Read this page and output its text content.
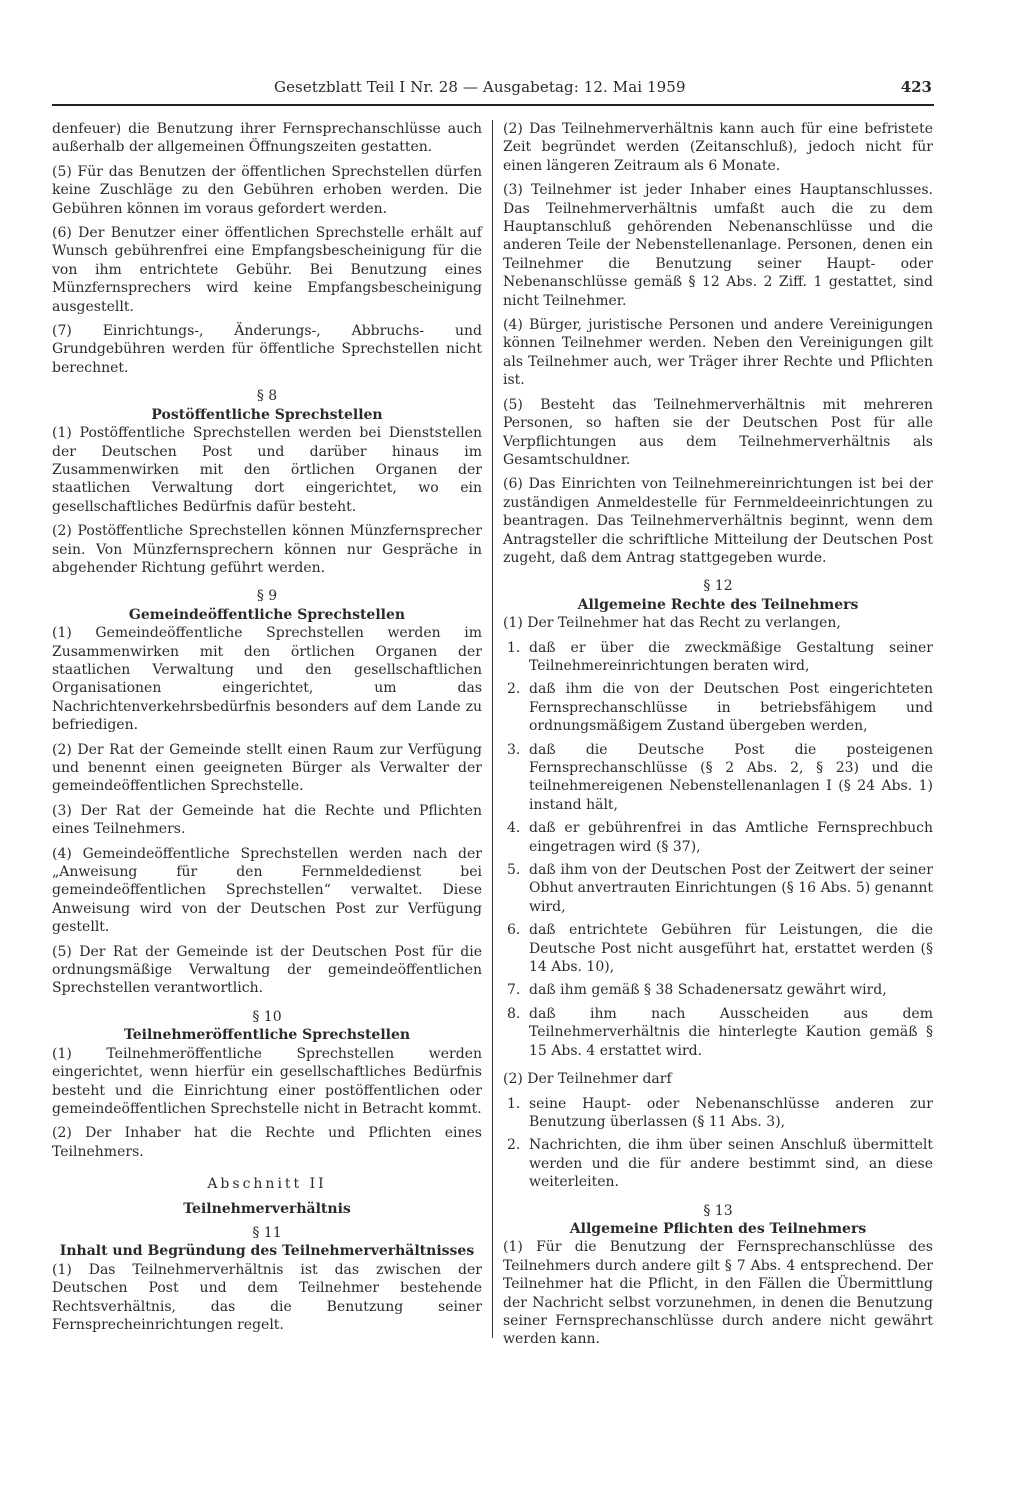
Gesetzblatt Teil I Nr. 28 — Ausgabetag: 12. Mai 1959	423

denfeuer) die Benutzung ihrer Fernsprechanschlüsse auch außerhalb der allgemeinen Öffnungszeiten gestatten.

(5) Für das Benutzen der öffentlichen Sprechstellen dürfen keine Zuschläge zu den Gebühren erhoben werden. Die Gebühren können im voraus gefordert werden.

(6) Der Benutzer einer öffentlichen Sprechstelle erhält auf Wunsch gebührenfrei eine Empfangsbescheinigung für die von ihm entrichtete Gebühr. Bei Benutzung eines Münzfernsprechers wird keine Empfangsbescheinigung ausgestellt.

(7) Einrichtungs-, Änderungs-, Abbruchs- und Grundgebühren werden für öffentliche Sprechstellen nicht berechnet.

§ 8
Postöffentliche Sprechstellen

(1) Postöffentliche Sprechstellen werden bei Dienststellen der Deutschen Post und darüber hinaus im Zusammenwirken mit den örtlichen Organen der staatlichen Verwaltung dort eingerichtet, wo ein gesellschaftliches Bedürfnis dafür besteht.

(2) Postöffentliche Sprechstellen können Münzfernsprecher sein. Von Münzfernsprechern können nur Gespräche in abgehender Richtung geführt werden.

§ 9
Gemeindeöffentliche Sprechstellen

(1) Gemeindeöffentliche Sprechstellen werden im Zusammenwirken mit den örtlichen Organen der staatlichen Verwaltung und den gesellschaftlichen Organisationen eingerichtet, um das Nachrichtenverkehrsbedürfnis besonders auf dem Lande zu befriedigen.

(2) Der Rat der Gemeinde stellt einen Raum zur Verfügung und benennt einen geeigneten Bürger als Verwalter der gemeindeöffentlichen Sprechstelle.

(3) Der Rat der Gemeinde hat die Rechte und Pflichten eines Teilnehmers.

(4) Gemeindeöffentliche Sprechstellen werden nach der „Anweisung für den Fernmeldedienst bei gemeindeöffentlichen Sprechstellen“ verwaltet. Diese Anweisung wird von der Deutschen Post zur Verfügung gestellt.

(5) Der Rat der Gemeinde ist der Deutschen Post für die ordnungsmäßige Verwaltung der gemeindeöffentlichen Sprechstellen verantwortlich.

§ 10
Teilnehmeröffentliche Sprechstellen

(1) Teilnehmeröffentliche Sprechstellen werden eingerichtet, wenn hierfür ein gesellschaftliches Bedürfnis besteht und die Einrichtung einer postöffentlichen oder gemeindeöffentlichen Sprechstelle nicht in Betracht kommt.

(2) Der Inhaber hat die Rechte und Pflichten eines Teilnehmers.

Abschnitt II
Teilnehmerverhältnis
§ 11
Inhalt und Begründung des Teilnehmerverhältnisses

(1) Das Teilnehmerverhältnis ist das zwischen der Deutschen Post und dem Teilnehmer bestehende Rechtsverhältnis, das die Benutzung seiner Fernsprecheinrichtungen regelt.

(2) Das Teilnehmerverhältnis kann auch für eine befristete Zeit begründet werden (Zeitanschluß), jedoch nicht für einen längeren Zeitraum als 6 Monate.

(3) Teilnehmer ist jeder Inhaber eines Hauptanschlusses. Das Teilnehmerverhältnis umfaßt auch die zu dem Hauptanschluß gehörenden Nebenanschlüsse und die anderen Teile der Nebenstellenanlage. Personen, denen ein Teilnehmer die Benutzung seiner Haupt- oder Nebenanschlüsse gemäß § 12 Abs. 2 Ziff. 1 gestattet, sind nicht Teilnehmer.

(4) Bürger, juristische Personen und andere Vereinigungen können Teilnehmer werden. Neben den Vereinigungen gilt als Teilnehmer auch, wer Träger ihrer Rechte und Pflichten ist.

(5) Besteht das Teilnehmerverhältnis mit mehreren Personen, so haften sie der Deutschen Post für alle Verpflichtungen aus dem Teilnehmerverhältnis als Gesamtschuldner.

(6) Das Einrichten von Teilnehmereinrichtungen ist bei der zuständigen Anmeldestelle für Fernmeldeeinrichtungen zu beantragen. Das Teilnehmerverhältnis beginnt, wenn dem Antragsteller die schriftliche Mitteilung der Deutschen Post zugeht, daß dem Antrag stattgegeben wurde.

§ 12
Allgemeine Rechte des Teilnehmers

(1) Der Teilnehmer hat das Recht zu verlangen,

1. daß er über die zweckmäßige Gestaltung seiner Teilnehmereinrichtungen beraten wird,
2. daß ihm die von der Deutschen Post eingerichteten Fernsprechanschlüsse in betriebsfähigem und ordnungsmäßigem Zustand übergeben werden,
3. daß die Deutsche Post die posteigenen Fernsprechanschlüsse (§ 2 Abs. 2, § 23) und die teilnehmereigenen Nebenstellenanlagen I (§ 24 Abs. 1) instand hält,
4. daß er gebührenfrei in das Amtliche Fernsprechbuch eingetragen wird (§ 37),
5. daß ihm von der Deutschen Post der Zeitwert der seiner Obhut anvertrauten Einrichtungen (§ 16 Abs. 5) genannt wird,
6. daß entrichtete Gebühren für Leistungen, die die Deutsche Post nicht ausgeführt hat, erstattet werden (§ 14 Abs. 10),
7. daß ihm gemäß § 38 Schadenersatz gewährt wird,
8. daß ihm nach Ausscheiden aus dem Teilnehmerverhältnis die hinterlegte Kaution gemäß § 15 Abs. 4 erstattet wird.

(2) Der Teilnehmer darf

1. seine Haupt- oder Nebenanschlüsse anderen zur Benutzung überlassen (§ 11 Abs. 3),
2. Nachrichten, die ihm über seinen Anschluß übermittelt werden und die für andere bestimmt sind, an diese weiterleiten.
§ 13
Allgemeine Pflichten des Teilnehmers

(1) Für die Benutzung der Fernsprechanschlüsse des Teilnehmers durch andere gilt § 7 Abs. 4 entsprechend. Der Teilnehmer hat die Pflicht, in den Fällen die Übermittlung der Nachricht selbst vorzunehmen, in denen die Benutzung seiner Fernsprechanschlüsse durch andere nicht gewährt werden kann.
